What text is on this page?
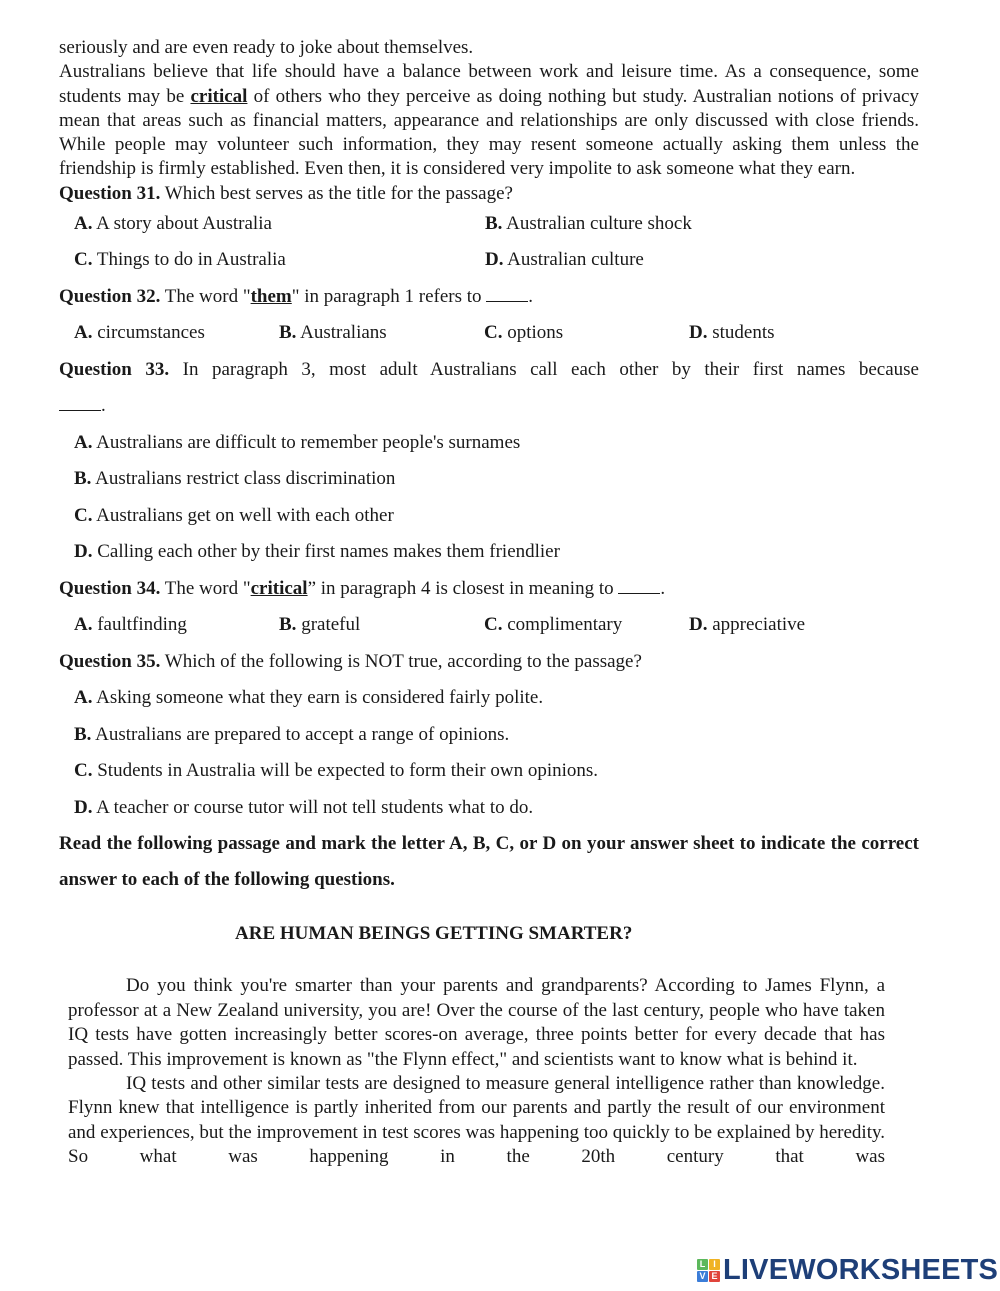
seriously and are even ready to joke about themselves.

Australians believe that life should have a balance between work and leisure time. As a consequence, some students may be critical of others who they perceive as doing nothing but study. Australian notions of privacy mean that areas such as financial matters, appearance and relationships are only discussed with close friends. While people may volunteer such information, they may resent someone actually asking them unless the friendship is firmly established. Even then, it is considered very impolite to ask someone what they earn.

Question 31. Which best serves as the title for the passage?
A. A story about Australia	B. Australian culture shock
C. Things to do in Australia	D. Australian culture
Question 32. The word "them" in paragraph 1 refers to .
A. circumstances	B. Australians	C. options	D. students
Question 33. In paragraph 3, most adult Australians call each other by their first names because
.
A. Australians are difficult to remember people's surnames
B. Australians restrict class discrimination
C. Australians get on well with each other
D. Calling each other by their first names makes them friendlier
Question 34. The word "critical” in paragraph 4 is closest in meaning to .
A. faultfinding	B. grateful	C. complimentary	D. appreciative
Question 35. Which of the following is NOT true, according to the passage?
A. Asking someone what they earn is considered fairly polite.
B. Australians are prepared to accept a range of opinions.
C. Students in Australia will be expected to form their own opinions.
D. A teacher or course tutor will not tell students what to do.
Read the following passage and mark the letter A, B, C, or D on your answer sheet to indicate the correct answer to each of the following questions.
ARE HUMAN BEINGS GETTING SMARTER?

Do you think you're smarter than your parents and grandparents? According to James Flynn, a professor at a New Zealand university, you are! Over the course of the last century, people who have taken IQ tests have gotten increasingly better scores-on average, three points better for every decade that has passed. This improvement is known as "the Flynn effect," and scientists want to know what is behind it.

IQ tests and other similar tests are designed to measure general intelligence rather than knowledge. Flynn knew that intelligence is partly inherited from our parents and partly the result of our environment and experiences, but the improvement in test scores was happening too quickly to be explained by heredity. So what was happening in the 20th century that was

L I
V E LIVEWORKSHEETS
